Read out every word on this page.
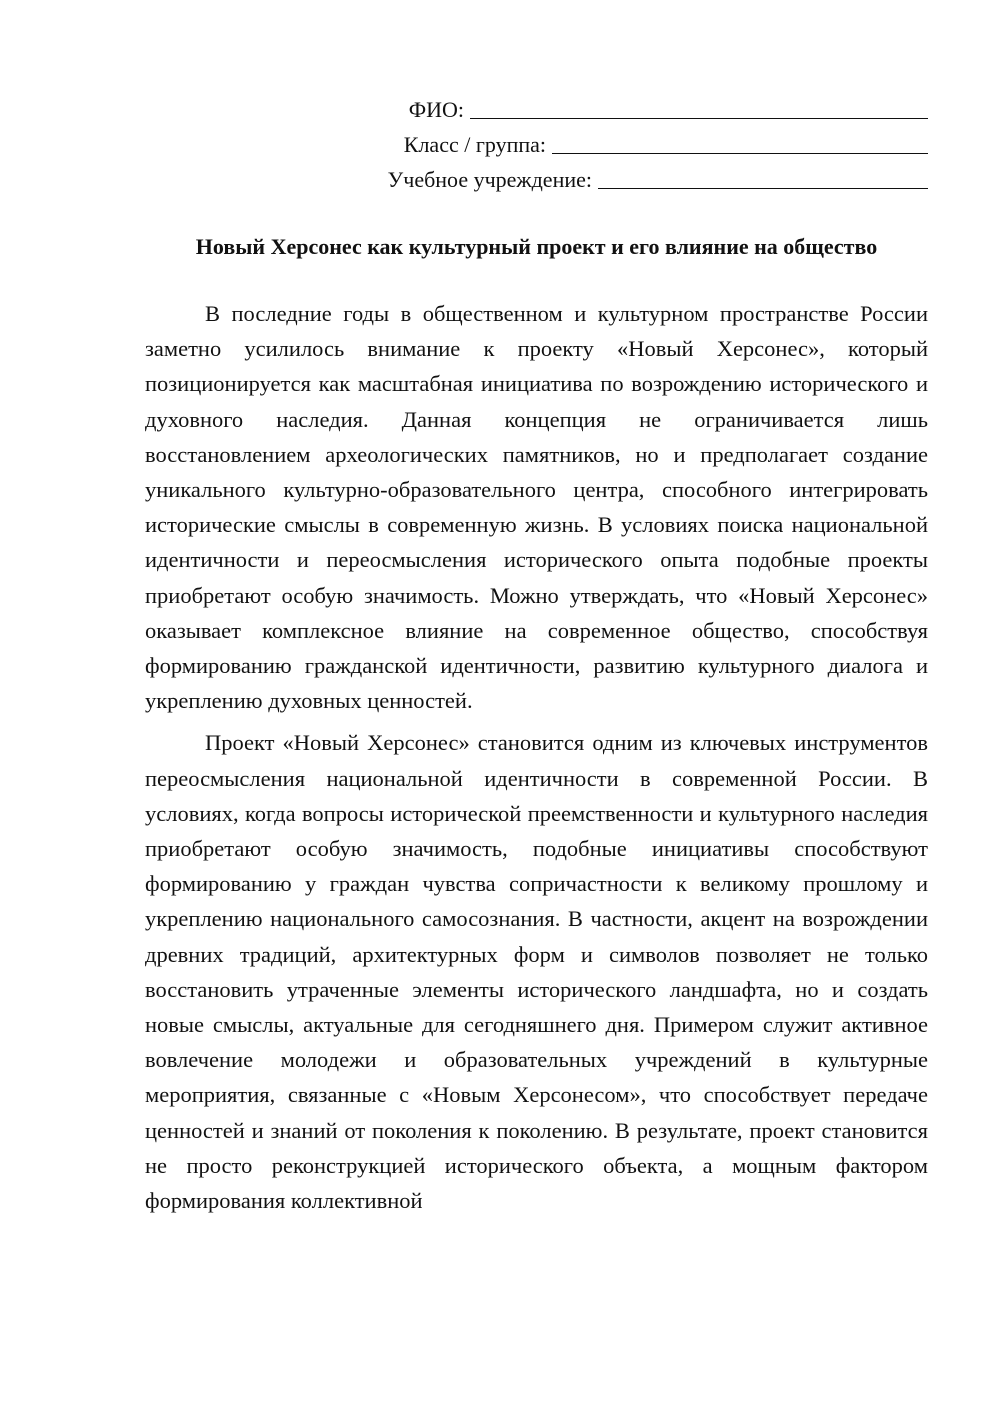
ФИО:
Класс / группа:
Учебное учреждение:
Новый Херсонес как культурный проект и его влияние на общество

В последние годы в общественном и культурном пространстве России заметно усилилось внимание к проекту «Новый Херсонес», который позиционируется как масштабная инициатива по возрождению исторического и духовного наследия. Данная концепция не ограничивается лишь восстановлением археологических памятников, но и предполагает создание уникального культурно-образовательного центра, способного интегрировать исторические смыслы в современную жизнь. В условиях поиска национальной идентичности и переосмысления исторического опыта подобные проекты приобретают особую значимость. Можно утверждать, что «Новый Херсонес» оказывает комплексное влияние на современное общество, способствуя формированию гражданской идентичности, развитию культурного диалога и укреплению духовных ценностей.

Проект «Новый Херсонес» становится одним из ключевых инструментов переосмысления национальной идентичности в современной России. В условиях, когда вопросы исторической преемственности и культурного наследия приобретают особую значимость, подобные инициативы способствуют формированию у граждан чувства сопричастности к великому прошлому и укреплению национального самосознания. В частности, акцент на возрождении древних традиций, архитектурных форм и символов позволяет не только восстановить утраченные элементы исторического ландшафта, но и создать новые смыслы, актуальные для сегодняшнего дня. Примером служит активное вовлечение молодежи и образовательных учреждений в культурные мероприятия, связанные с «Новым Херсонесом», что способствует передаче ценностей и знаний от поколения к поколению. В результате, проект становится не просто реконструкцией исторического объекта, а мощным фактором формирования коллективной
